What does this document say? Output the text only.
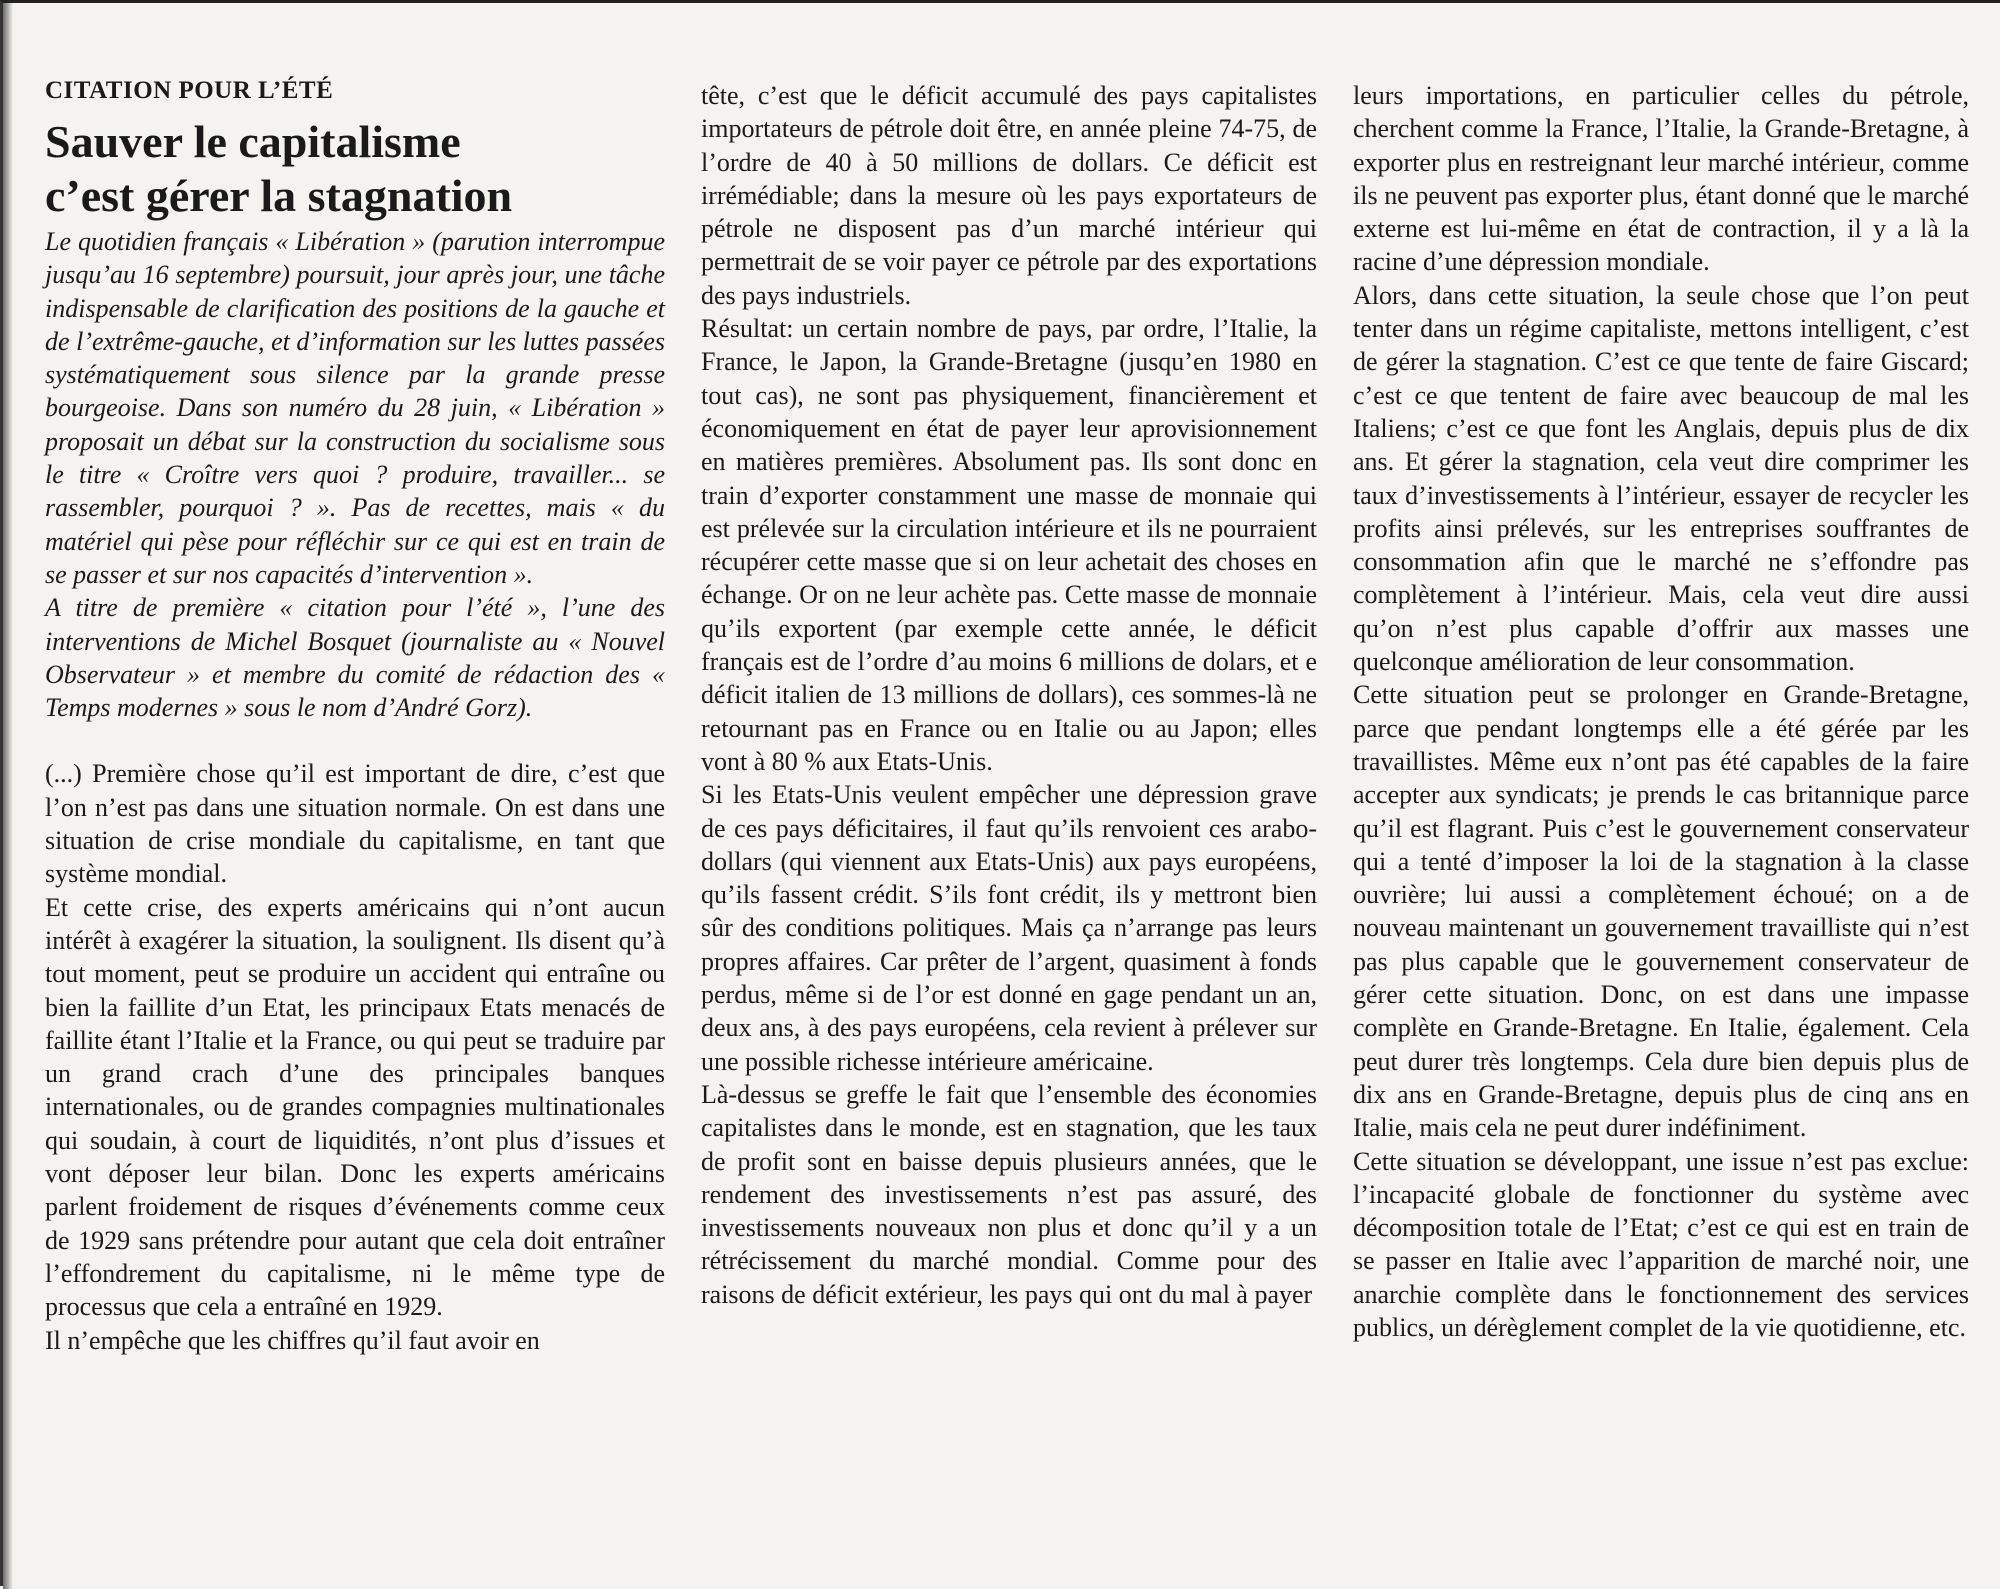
CITATION POUR L’ÉTÉ
Sauver le capitalisme
c’est gérer la stagnation

Le quotidien français « Libération » (parution interrompue jusqu’au 16 septembre) poursuit, jour après jour, une tâche indispensable de clarification des positions de la gauche et de l’extrême-gauche, et d’information sur les luttes passées systématiquement sous silence par la grande presse bourgeoise. Dans son numéro du 28 juin, « Libération » proposait un débat sur la construction du socialisme sous le titre « Croître vers quoi ? produire, travailler... se rassembler, pourquoi ? ». Pas de recettes, mais « du matériel qui pèse pour réfléchir sur ce qui est en train de se passer et sur nos capacités d’intervention ».

A titre de première « citation pour l’été », l’une des interventions de Michel Bosquet (journaliste au « Nouvel Observateur » et membre du comité de rédaction des « Temps modernes » sous le nom d’André Gorz).

(...) Première chose qu’il est important de dire, c’est que l’on n’est pas dans une situation normale. On est dans une situation de crise mondiale du capitalisme, en tant que système mondial.

Et cette crise, des experts américains qui n’ont aucun intérêt à exagérer la situation, la soulignent. Ils disent qu’à tout moment, peut se produire un accident qui entraîne ou bien la faillite d’un Etat, les principaux Etats menacés de faillite étant l’Italie et la France, ou qui peut se traduire par un grand crach d’une des principales banques internationales, ou de grandes compagnies multinationales qui soudain, à court de liquidités, n’ont plus d’issues et vont déposer leur bilan. Donc les experts américains parlent froidement de risques d’événements comme ceux de 1929 sans prétendre pour autant que cela doit entraîner l’effondrement du capitalisme, ni le même type de processus que cela a entraîné en 1929.

Il n’empêche que les chiffres qu’il faut avoir en

tête, c’est que le déficit accumulé des pays capitalistes importateurs de pétrole doit être, en année pleine 74-75, de l’ordre de 40 à 50 millions de dollars. Ce déficit est irrémédiable; dans la mesure où les pays exportateurs de pétrole ne disposent pas d’un marché intérieur qui permettrait de se voir payer ce pétrole par des exportations des pays industriels.

Résultat: un certain nombre de pays, par ordre, l’Italie, la France, le Japon, la Grande-Bretagne (jusqu’en 1980 en tout cas), ne sont pas physiquement, financièrement et économiquement en état de payer leur aprovisionnement en matières premières. Absolument pas. Ils sont donc en train d’exporter constamment une masse de monnaie qui est prélevée sur la circulation intérieure et ils ne pourraient récupérer cette masse que si on leur achetait des choses en échange. Or on ne leur achète pas. Cette masse de monnaie qu’ils exportent (par exemple cette année, le déficit français est de l’ordre d’au moins 6 millions de dolars, et e déficit italien de 13 millions de dollars), ces sommes-là ne retournant pas en France ou en Italie ou au Japon; elles vont à 80 % aux Etats-Unis.

Si les Etats-Unis veulent empêcher une dépression grave de ces pays déficitaires, il faut qu’ils renvoient ces arabo-dollars (qui viennent aux Etats-Unis) aux pays européens, qu’ils fassent crédit. S’ils font crédit, ils y mettront bien sûr des conditions politiques. Mais ça n’arrange pas leurs propres affaires. Car prêter de l’argent, quasiment à fonds perdus, même si de l’or est donné en gage pendant un an, deux ans, à des pays européens, cela revient à prélever sur une possible richesse intérieure américaine.

Là-dessus se greffe le fait que l’ensemble des économies capitalistes dans le monde, est en stagnation, que les taux de profit sont en baisse depuis plusieurs années, que le rendement des investissements n’est pas assuré, des investissements nouveaux non plus et donc qu’il y a un rétrécissement du marché mondial. Comme pour des raisons de déficit extérieur, les pays qui ont du mal à payer

leurs importations, en particulier celles du pétrole, cherchent comme la France, l’Italie, la Grande-Bretagne, à exporter plus en restreignant leur marché intérieur, comme ils ne peuvent pas exporter plus, étant donné que le marché externe est lui-même en état de contraction, il y a là la racine d’une dépression mondiale.

Alors, dans cette situation, la seule chose que l’on peut tenter dans un régime capitaliste, mettons intelligent, c’est de gérer la stagnation. C’est ce que tente de faire Giscard; c’est ce que tentent de faire avec beaucoup de mal les Italiens; c’est ce que font les Anglais, depuis plus de dix ans. Et gérer la stagnation, cela veut dire comprimer les taux d’investissements à l’intérieur, essayer de recycler les profits ainsi prélevés, sur les entreprises souffrantes de consommation afin que le marché ne s’effondre pas complètement à l’intérieur. Mais, cela veut dire aussi qu’on n’est plus capable d’offrir aux masses une quelconque amélioration de leur consommation.

Cette situation peut se prolonger en Grande-Bretagne, parce que pendant longtemps elle a été gérée par les travaillistes. Même eux n’ont pas été capables de la faire accepter aux syndicats; je prends le cas britannique parce qu’il est flagrant. Puis c’est le gouvernement conservateur qui a tenté d’imposer la loi de la stagnation à la classe ouvrière; lui aussi a complètement échoué; on a de nouveau maintenant un gouvernement travailliste qui n’est pas plus capable que le gouvernement conservateur de gérer cette situation. Donc, on est dans une impasse complète en Grande-Bretagne. En Italie, également. Cela peut durer très longtemps. Cela dure bien depuis plus de dix ans en Grande-Bretagne, depuis plus de cinq ans en Italie, mais cela ne peut durer indéfiniment.

Cette situation se développant, une issue n’est pas exclue: l’incapacité globale de fonctionner du système avec décomposition totale de l’Etat; c’est ce qui est en train de se passer en Italie avec l’apparition de marché noir, une anarchie complète dans le fonctionnement des services publics, un dérèglement complet de la vie quotidienne, etc.
